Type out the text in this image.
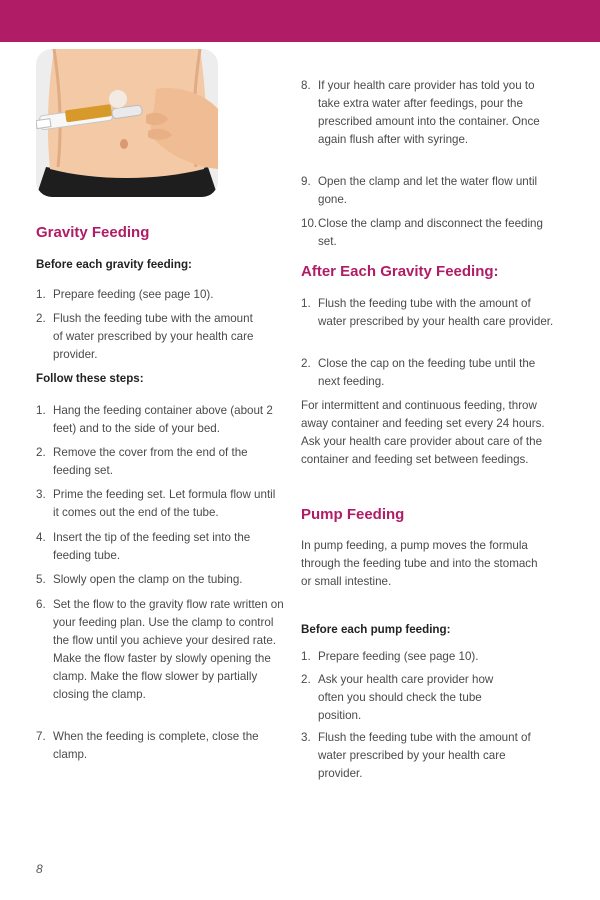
Gravity Feeding
Before each gravity feeding:
1. Prepare feeding (see page 10).
2. Flush the feeding tube with the amount of water prescribed by your health care provider.
Follow these steps:
1. Hang the feeding container above (about 2 feet) and to the side of your bed.
2. Remove the cover from the end of the feeding set.
3. Prime the feeding set. Let formula flow until it comes out the end of the tube.
4. Insert the tip of the feeding set into the feeding tube.
5. Slowly open the clamp on the tubing.
6. Set the flow to the gravity flow rate written on your feeding plan. Use the clamp to control the flow until you achieve your desired rate. Make the flow faster by slowly opening the clamp. Make the flow slower by partially closing the clamp.
7. When the feeding is complete, close the clamp.
8. If your health care provider has told you to take extra water after feedings, pour the prescribed amount into the container. Once again flush after with syringe.
9. Open the clamp and let the water flow until gone.
10. Close the clamp and disconnect the feeding set.
After Each Gravity Feeding:
1. Flush the feeding tube with the amount of water prescribed by your health care provider.
2. Close the cap on the feeding tube until the next feeding.

For intermittent and continuous feeding, throw away container and feeding set every 24 hours. Ask your health care provider about care of the container and feeding set between feedings.

Pump Feeding

In pump feeding, a pump moves the formula through the feeding tube and into the stomach or small intestine.

Before each pump feeding:
1. Prepare feeding (see page 10).
2. Ask your health care provider how often you should check the tube position.
3. Flush the feeding tube with the amount of water prescribed by your health care provider.
8
